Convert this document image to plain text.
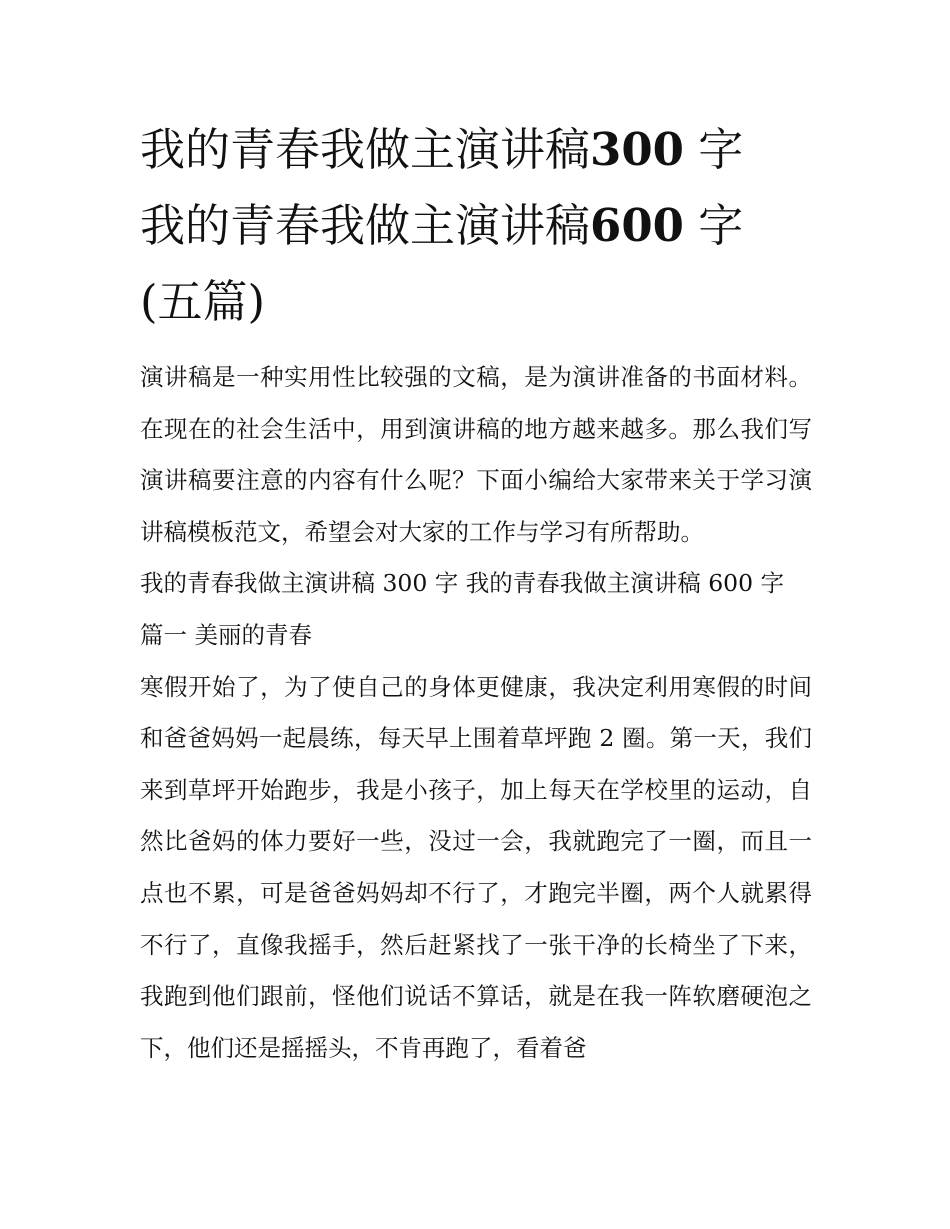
我的青春我做主演讲稿300 字
我的青春我做主演讲稿600 字
(五篇)

演讲稿是一种实用性比较强的文稿，是为演讲准备的书面材料。在现在的社会生活中，用到演讲稿的地方越来越多。那么我们写演讲稿要注意的内容有什么呢？下面小编给大家带来关于学习演讲稿模板范文，希望会对大家的工作与学习有所帮助。

我的青春我做主演讲稿 300 字 我的青春我做主演讲稿 600 字

篇一 美丽的青春

寒假开始了，为了使自己的身体更健康，我决定利用寒假的时间和爸爸妈妈一起晨练，每天早上围着草坪跑 2 圈。第一天，我们来到草坪开始跑步，我是小孩子，加上每天在学校里的运动，自然比爸妈的体力要好一些，没过一会，我就跑完了一圈，而且一点也不累，可是爸爸妈妈却不行了，才跑完半圈，两个人就累得不行了，直像我摇手，然后赶紧找了一张干净的长椅坐了下来，我跑到他们跟前，怪他们说话不算话，就是在我一阵软磨硬泡之下，他们还是摇摇头，不肯再跑了，看着爸
